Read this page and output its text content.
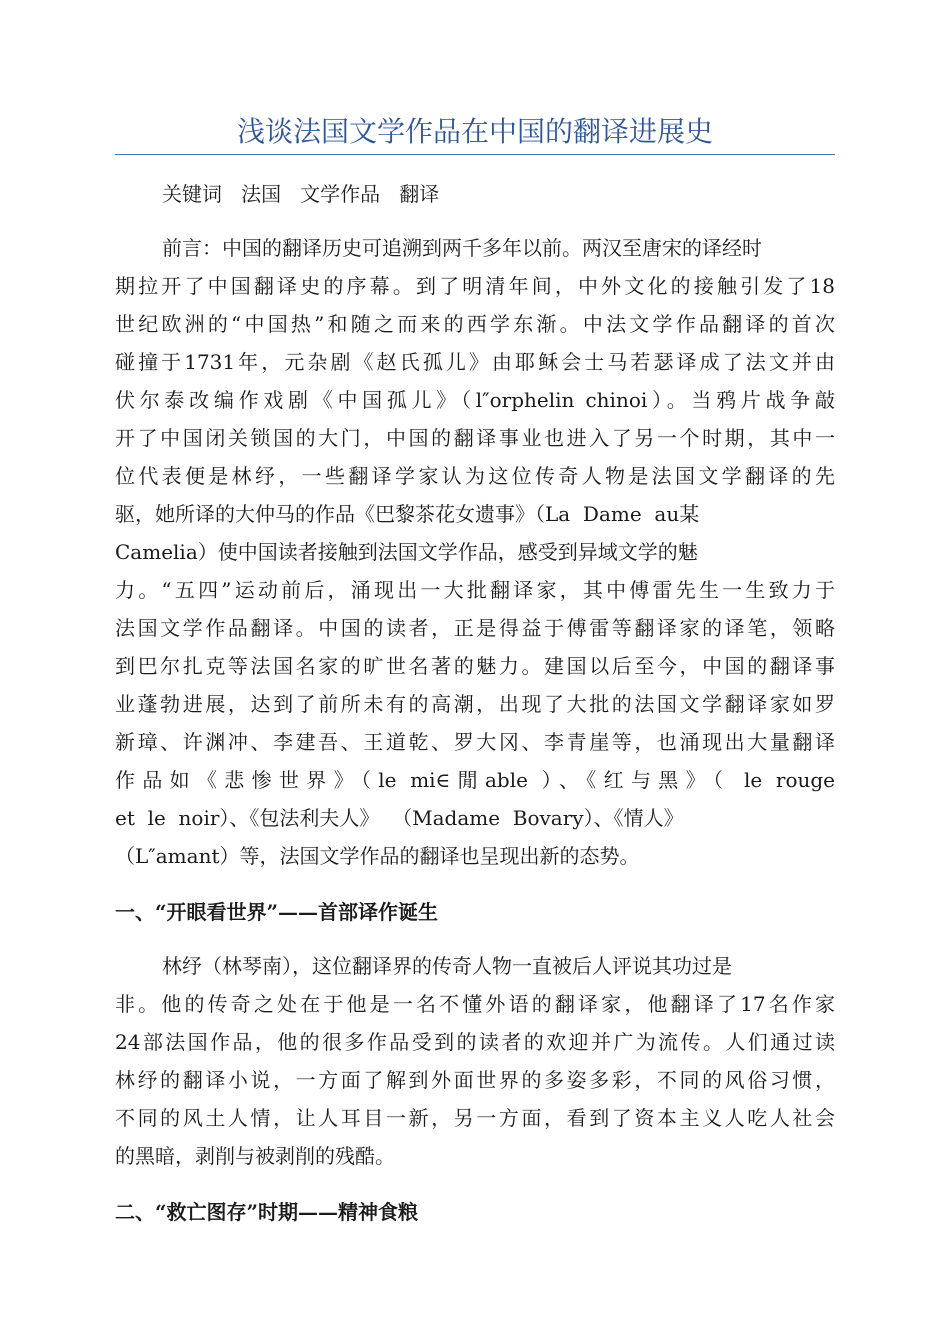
浅谈法国文学作品在中国的翻译进展史

关键词   法国   文学作品   翻译

前言：中国的翻译历史可追溯到两千多年以前。两汉至唐宋的译经时

期拉开了中国翻译史的序幕。到了明清年间，中外文化的接触引发了18

世纪欧洲的“中国热”和随之而来的西学东渐。中法文学作品翻译的首次

碰撞于1731年，元杂剧《赵氏孤儿》由耶稣会士马若瑟译成了法文并由

伏尔泰改编作戏剧《中国孤儿》（l″orphelin chinoi）。当鸦片战争敲

开了中国闭关锁国的大门，中国的翻译事业也进入了另一个时期，其中一

位代表便是林纾，一些翻译学家认为这位传奇人物是法国文学翻译的先

驱，她所译的大仲马的作品《巴黎茶花女遗事》（La  Dame  au某

Camelia）使中国读者接触到法国文学作品，感受到异域文学的魅

力。“五四”运动前后，涌现出一大批翻译家，其中傅雷先生一生致力于

法国文学作品翻译。中国的读者，正是得益于傅雷等翻译家的译笔，领略

到巴尔扎克等法国名家的旷世名著的魅力。建国以后至今，中国的翻译事

业蓬勃进展，达到了前所未有的高潮，出现了大批的法国文学翻译家如罗

新璋、许渊冲、李建吾、王道乾、罗大冈、李青崖等，也涌现出大量翻译

作品如《悲惨世界》（le mi∈閒able ）、《红与黑》（ le rouge

et  le  noir）、《包法利夫人》  （Madame  Bovary）、《情人》

（L″amant）等，法国文学作品的翻译也呈现出新的态势。

一、“开眼看世界”——首部译作诞生

林纾（林琴南），这位翻译界的传奇人物一直被后人评说其功过是

非。他的传奇之处在于他是一名不懂外语的翻译家，他翻译了17名作家

24部法国作品，他的很多作品受到的读者的欢迎并广为流传。人们通过读

林纾的翻译小说，一方面了解到外面世界的多姿多彩，不同的风俗习惯，

不同的风土人情，让人耳目一新，另一方面，看到了资本主义人吃人社会

的黑暗，剥削与被剥削的残酷。

二、“救亡图存”时期——精神食粮
